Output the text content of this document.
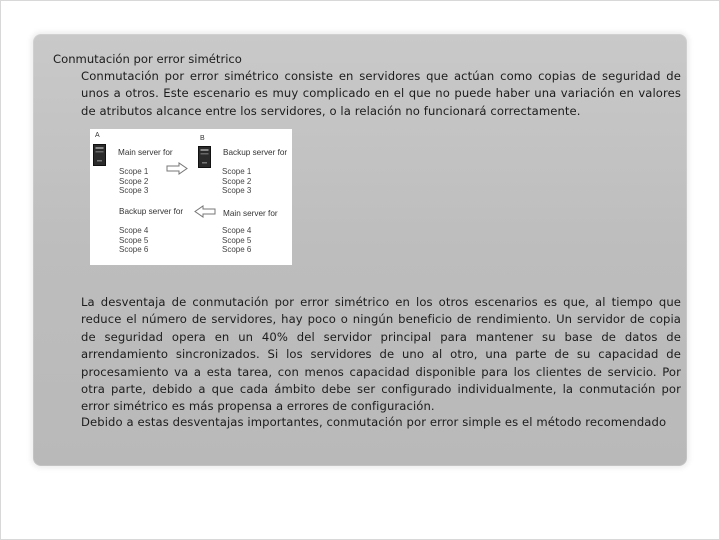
Conmutación por error simétrico
Conmutación por error simétrico consiste en servidores que actúan como copias de seguridad de unos a otros. Este escenario es muy complicado en el que no puede haber una variación en valores de atributos alcance entre los servidores, o la relación no funcionará correctamente.
A	B
Main server for
Scope 1
Scope 2
Scope 3
Backup server for
Scope 1
Scope 2
Scope 3
Backup server for
Scope 4
Scope 5
Scope 6
Main server for
Scope 4
Scope 5
Scope 6
La desventaja de conmutación por error simétrico en los otros escenarios es que, al tiempo que reduce el número de servidores, hay poco o ningún beneficio de rendimiento. Un servidor de copia de seguridad opera en un 40% del servidor principal para mantener su base de datos de arrendamiento sincronizados. Si los servidores de uno al otro, una parte de su capacidad de procesamiento va a esta tarea, con menos capacidad disponible para los clientes de servicio. Por otra parte, debido a que cada ámbito debe ser configurado individualmente, la conmutación por error simétrico es más propensa a errores de configuración.
Debido a estas desventajas importantes, conmutación por error simple es el método recomendado
